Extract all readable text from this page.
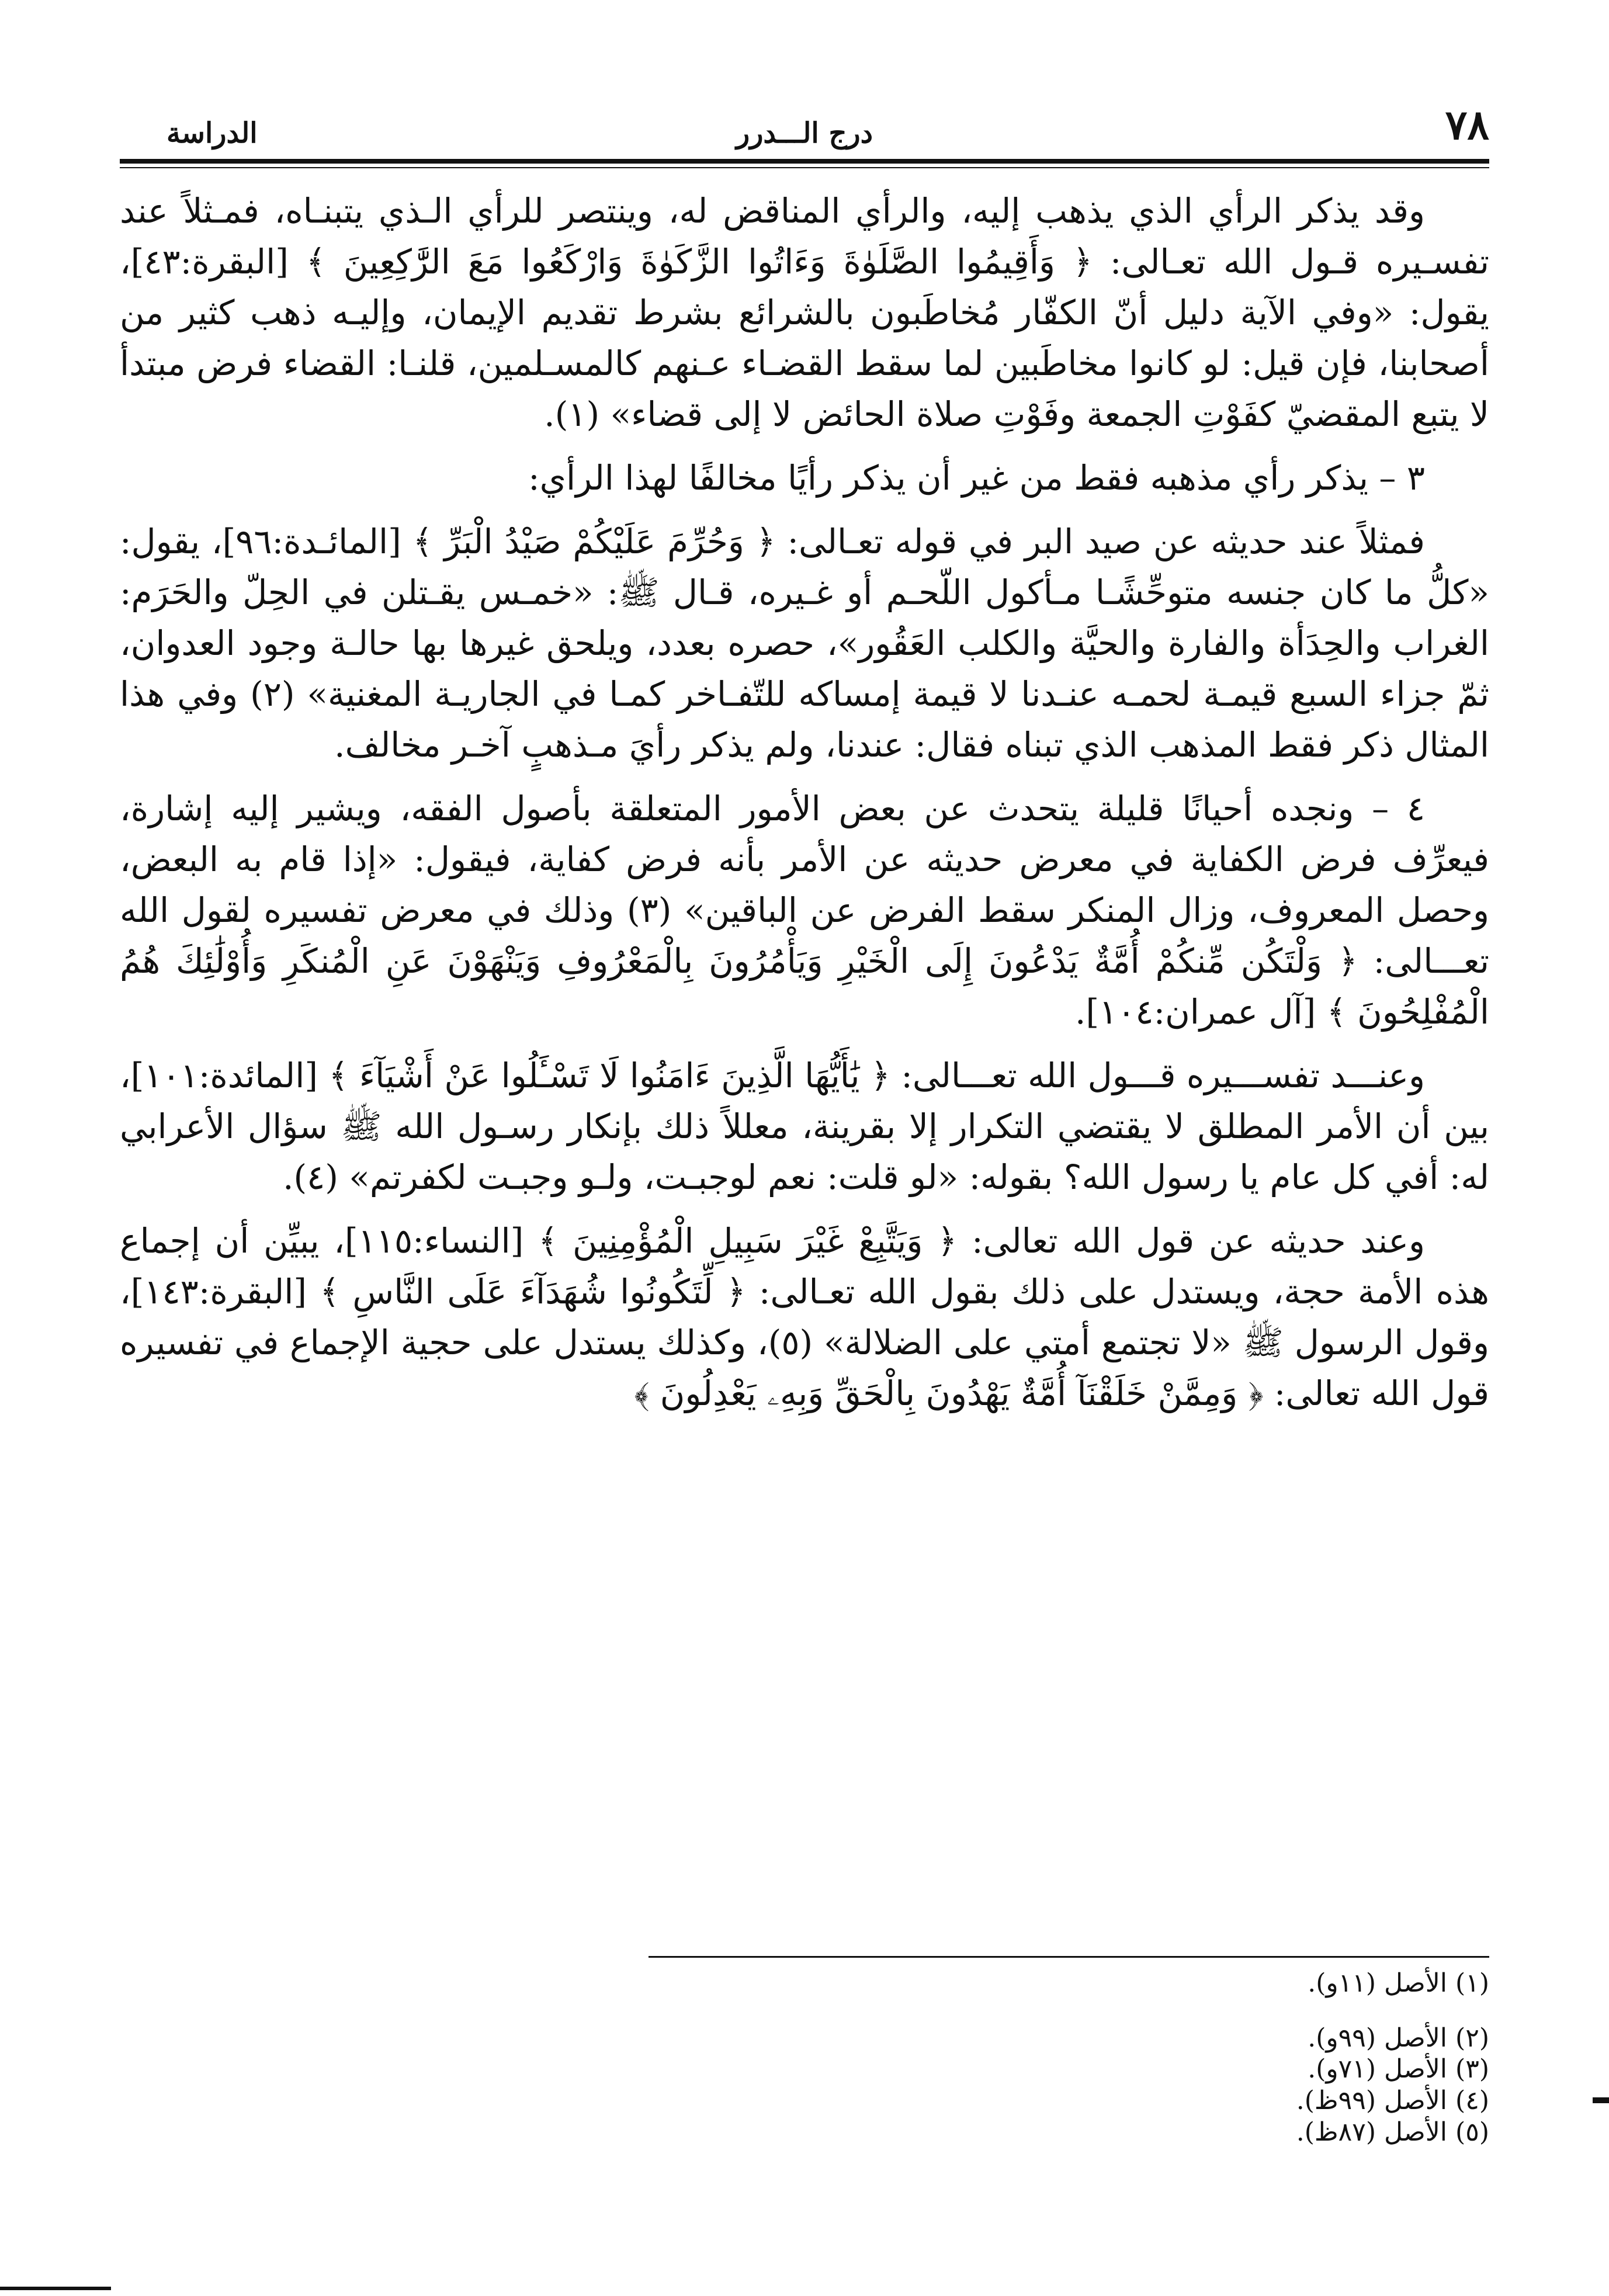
٧٨
درج الـــدرر
الدراسة

وقد يذكر الرأي الذي يذهب إليه، والرأي المناقض له، وينتصر للرأي الـذي يتبنـاه، فمـثلاً عند تفسـيره قـول الله تعـالى: ﴿ وَأَقِيمُوا الصَّلَوٰةَ وَءَاتُوا الزَّكَوٰةَ وَارْكَعُوا مَعَ الرَّٰكِعِينَ ﴾ [البقرة:٤٣]، يقول: «وفي الآية دليل أنّ الكفّار مُخاطَبون بالشرائع بشرط تقديم الإيمان، وإليـه ذهب كثير من أصحابنا، فإن قيل: لو كانوا مخاطَبين لما سقط القضـاء عـنهم كالمسـلمين، قلنـا: القضاء فرض مبتدأ لا يتبع المقضيّ كفَوْتِ الجمعة وفَوْتِ صلاة الحائض لا إلى قضاء» (١).

٣ – يذكر رأي مذهبه فقط من غير أن يذكر رأيًا مخالفًا لهذا الرأي:

فمثلاً عند حديثه عن صيد البر في قوله تعـالى: ﴿ وَحُرِّمَ عَلَيْكُمْ صَيْدُ الْبَرِّ ﴾ [المائـدة:٩٦]، يقول: «كلُّ ما كان جنسه متوحِّشًـا مـأكول اللّحـم أو غـيره، قـال ﷺ: «خمـس يقـتلن في الحِلّ والحَرَم: الغراب والحِدَأة والفارة والحيَّة والكلب العَقُور»، حصره بعدد، ويلحق غيرها بها حالـة وجود العدوان، ثمّ جزاء السبع قيمـة لحمـه عنـدنا لا قيمة إمساكه للتّفـاخر كمـا في الجاريـة المغنية» (٢) وفي هذا المثال ذكر فقط المذهب الذي تبناه فقال: عندنا، ولم يذكر رأيَ مـذهبٍ آخـر مخالف.

٤ – ونجده أحيانًا قليلة يتحدث عن بعض الأمور المتعلقة بأصول الفقه، ويشير إليه إشارة، فيعرِّف فرض الكفاية في معرض حديثه عن الأمر بأنه فرض كفاية، فيقول: «إذا قام به البعض، وحصل المعروف، وزال المنكر سقط الفرض عن الباقين» (٣) وذلك في معرض تفسيره لقول الله تعـــالى: ﴿ وَلْتَكُن مِّنكُمْ أُمَّةٌ يَدْعُونَ إِلَى الْخَيْرِ وَيَأْمُرُونَ بِالْمَعْرُوفِ وَيَنْهَوْنَ عَنِ الْمُنكَرِ وَأُوْلَٰئِكَ هُمُ الْمُفْلِحُونَ ﴾ [آل عمران:١٠٤].

وعنـــد تفســـيره قـــول الله تعـــالى: ﴿ يَٰأَيُّهَا الَّذِينَ ءَامَنُوا لَا تَسْـَٔلُوا عَنْ أَشْيَآءَ ﴾ [المائدة:١٠١]، بين أن الأمر المطلق لا يقتضي التكرار إلا بقرينة، معللاً ذلك بإنكار رسـول الله ﷺ سؤال الأعرابي له: أفي كل عام يا رسول الله؟ بقوله: «لو قلت: نعم لوجبـت، ولـو وجبـت لكفرتم» (٤).

وعند حديثه عن قول الله تعالى: ﴿ وَيَتَّبِعْ غَيْرَ سَبِيلِ الْمُؤْمِنِينَ ﴾ [النساء:١١٥]، يبيِّن أن إجماع هذه الأمة حجة، ويستدل على ذلك بقول الله تعـالى: ﴿ لِّتَكُونُوا شُهَدَآءَ عَلَى النَّاسِ ﴾ [البقرة:١٤٣]، وقول الرسول ﷺ «لا تجتمع أمتي على الضلالة» (٥)، وكذلك يستدل على حجية الإجماع في تفسيره قول الله تعالى: ﴿ وَمِمَّنْ خَلَقْنَآ أُمَّةٌ يَهْدُونَ بِالْحَقِّ وَبِهِۦ يَعْدِلُونَ ﴾

(١) الأصل (١١و).

(٢) الأصل (٩٩و).

(٣) الأصل (٧١و).

(٤) الأصل (٩٩ظ).

(٥) الأصل (٨٧ظ).
